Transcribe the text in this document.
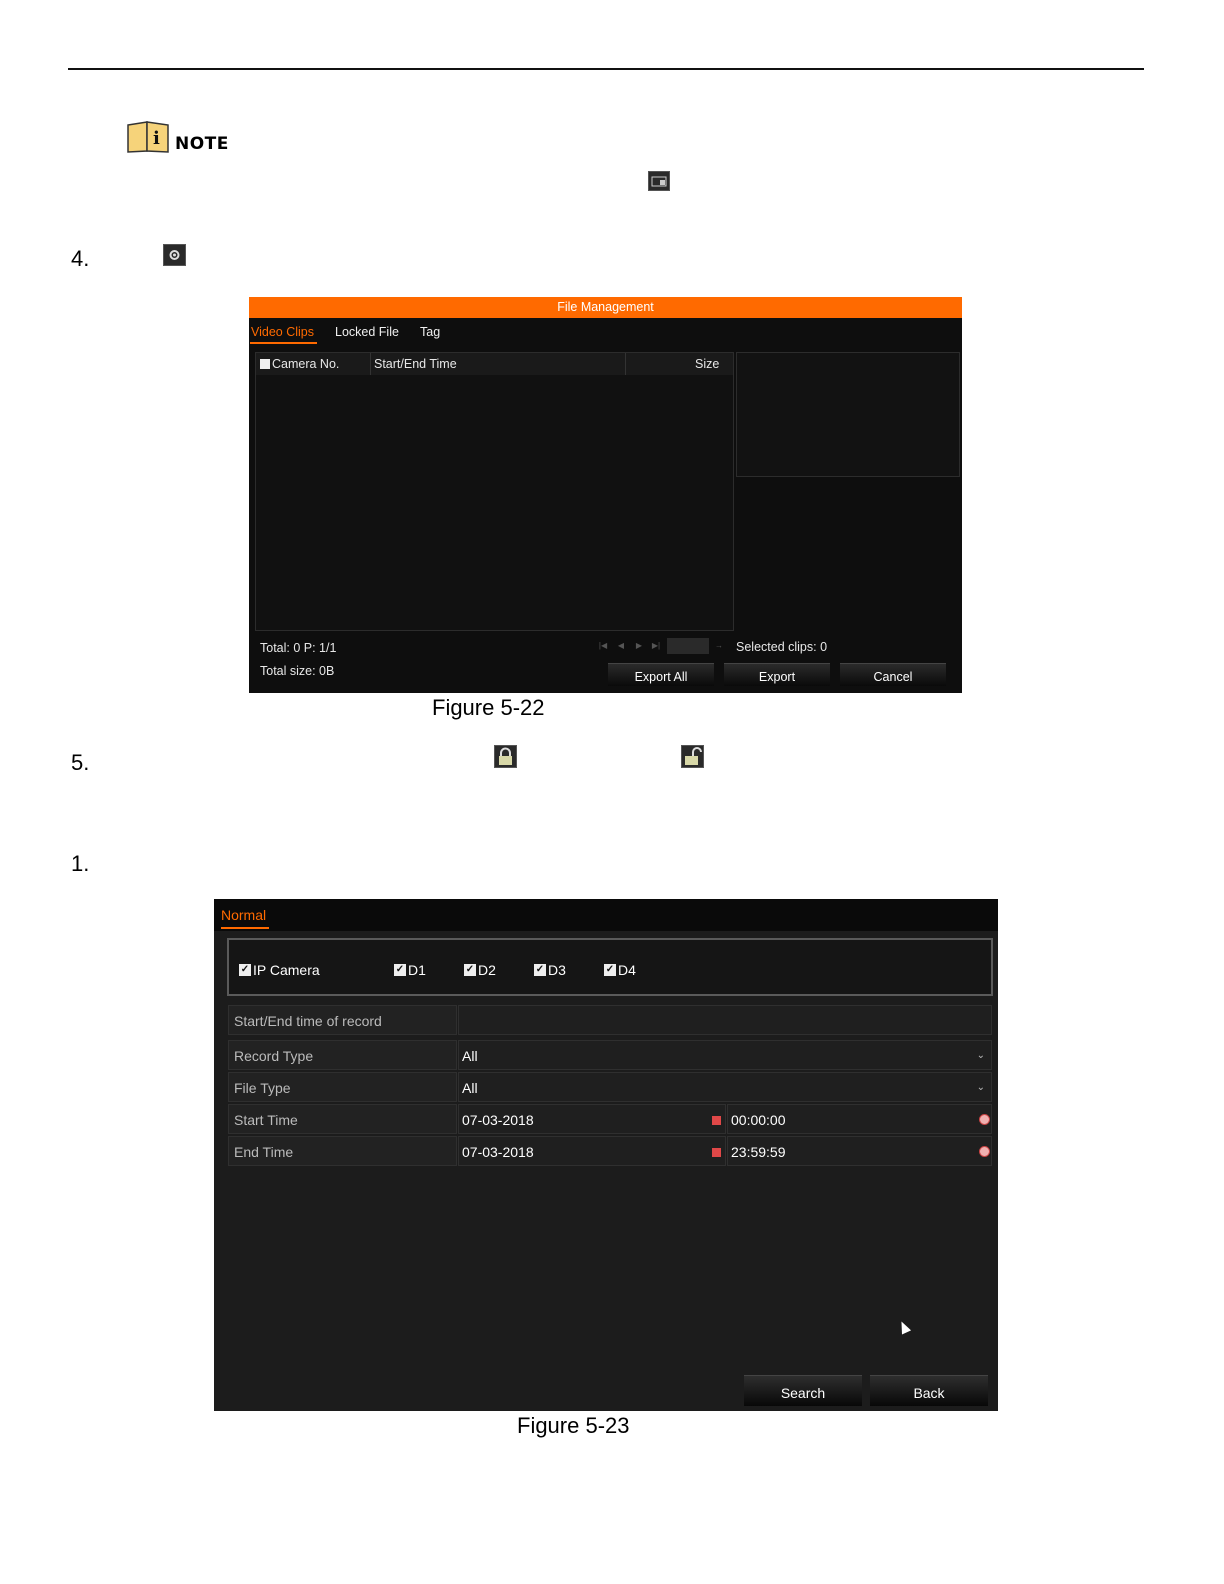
i NOTE
4.
File Management
Video Clips Locked File Tag
Camera No.	Start/End Time	Size
Total: 0 P: 1/1
Total size: 0B
|◀	◀	▶	▶|	→ Selected clips: 0
Export All	Export	Cancel
Figure 5-22
5.
1.
Normal
✓ IP Camera	✓ D1	✓ D2	✓ D3	✓ D4
Start/End time of record
Record Type	All	⌄
File Type	All	⌄
Start Time	07-03-2018	00:00:00
End Time	07-03-2018	23:59:59
Search	Back
Figure 5-23
